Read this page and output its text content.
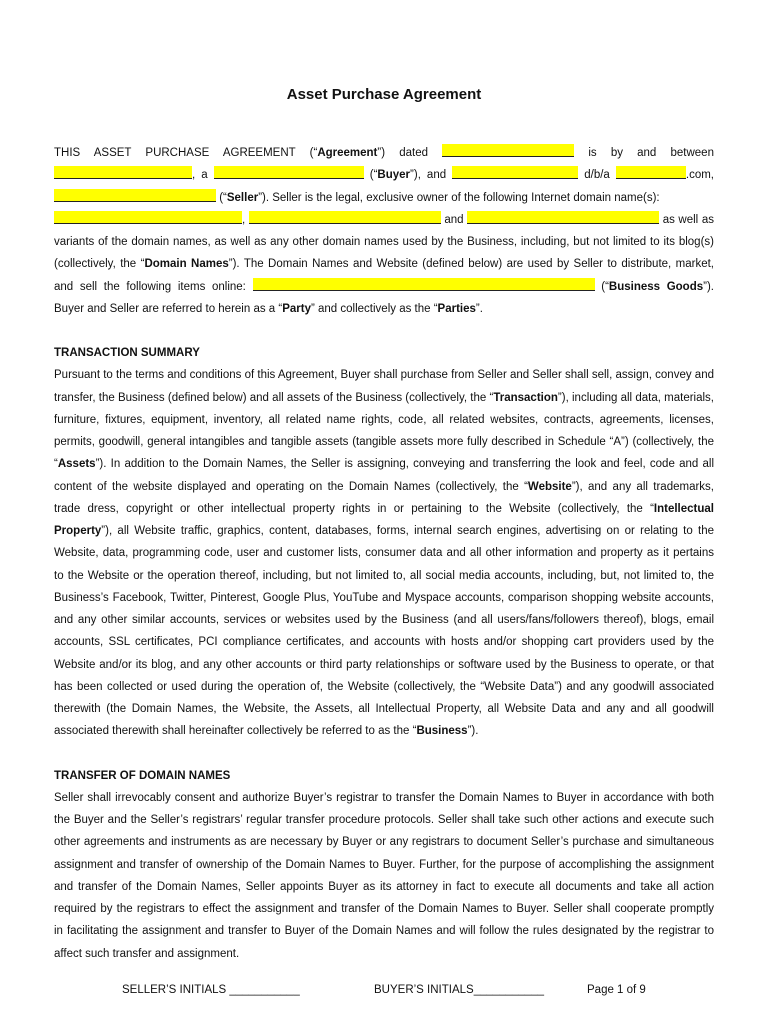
Asset Purchase Agreement
THIS ASSET PURCHASE AGREEMENT (“Agreement”) dated	is by and between
, a	(“Buyer”), and	d/b/a	.com,
(“Seller”). Seller is the legal, exclusive owner of the following Internet domain name(s):
,	and	as well as
variants of the domain names, as well as any other domain names used by the Business, including, but not limited to its blog(s)
(collectively, the “Domain Names”). The Domain Names and Website (defined below) are used by Seller to distribute, market,
and sell the following items online:	(“Business Goods”).
Buyer and Seller are referred to herein as a “Party” and collectively as the “Parties”.
TRANSACTION SUMMARY
Pursuant to the terms and conditions of this Agreement, Buyer shall purchase from Seller and Seller shall sell, assign, convey and
transfer, the Business (defined below) and all assets of the Business (collectively, the “Transaction”), including all data, materials,
furniture, fixtures, equipment, inventory, all related name rights, code, all related websites, contracts, agreements, licenses,
permits, goodwill, general intangibles and tangible assets (tangible assets more fully described in Schedule “A”) (collectively, the
“Assets”). In addition to the Domain Names, the Seller is assigning, conveying and transferring the look and feel, code and all
content of the website displayed and operating on the Domain Names (collectively, the “Website”), and any all trademarks,
trade dress, copyright or other intellectual property rights in or pertaining to the Website (collectively, the “Intellectual
Property”), all Website traffic, graphics, content, databases, forms, internal search engines, advertising on or relating to the
Website, data, programming code, user and customer lists, consumer data and all other information and property as it pertains
to the Website or the operation thereof, including, but not limited to, all social media accounts, including, but, not limited to, the
Business’s Facebook, Twitter, Pinterest, Google Plus, YouTube and Myspace accounts, comparison shopping website accounts,
and any other similar accounts, services or websites used by the Business (and all users/fans/followers thereof), blogs, email
accounts, SSL certificates, PCI compliance certificates, and accounts with hosts and/or shopping cart providers used by the
Website and/or its blog, and any other accounts or third party relationships or software used by the Business to operate, or that
has been collected or used during the operation of, the Website (collectively, the “Website Data”) and any goodwill associated
therewith (the Domain Names, the Website, the Assets, all Intellectual Property, all Website Data and any and all goodwill
associated therewith shall hereinafter collectively be referred to as the “Business”).
TRANSFER OF DOMAIN NAMES
Seller shall irrevocably consent and authorize Buyer’s registrar to transfer the Domain Names to Buyer in accordance with both
the Buyer and the Seller’s registrars’ regular transfer procedure protocols. Seller shall take such other actions and execute such
other agreements and instruments as are necessary by Buyer or any registrars to document Seller’s purchase and simultaneous
assignment and transfer of ownership of the Domain Names to Buyer. Further, for the purpose of accomplishing the assignment
and transfer of the Domain Names, Seller appoints Buyer as its attorney in fact to execute all documents and take all action
required by the registrars to effect the assignment and transfer of the Domain Names to Buyer. Seller shall cooperate promptly
in facilitating the assignment and transfer to Buyer of the Domain Names and will follow the rules designated by the registrar to
affect such transfer and assignment.
SELLER’S INITIALS ___________	BUYER’S INITIALS___________	Page 1 of 9
